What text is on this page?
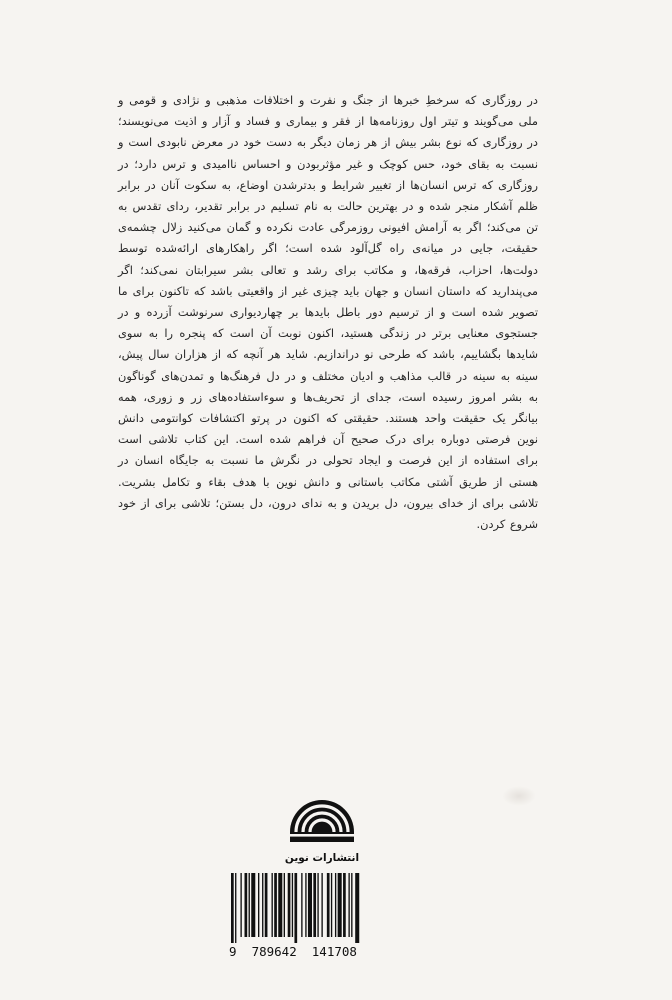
در روزگاری که سرخطِ خبرها از جنگ و نفرت و اختلافات مذهبی و نژادی و قومی و ملی می‌گویند و تیتر اول روزنامه‌ها از فقر و بیماری و فساد و آزار و اذیت می‌نویسند؛ در روزگاری که نوع بشر بیش از هر زمان دیگر به دست خود در معرض نابودی است و نسبت به بقای خود، حس کوچک و غیر مؤثربودن و احساس ناامیدی و ترس دارد؛ در روزگاری که ترس انسان‌ها از تغییر شرایط و بدترشدن اوضاع، به سکوت آنان در برابر ظلم آشکار منجر شده و در بهترین حالت به نام تسلیم در برابر تقدیر، ردای تقدس به تن می‌کند؛ اگر به آرامش افیونی روزمرگی عادت نکرده و گمان می‌کنید زلال چشمه‌ی حقیقت، جایی در میانه‌ی راه گل‌آلود شده است؛ اگر راهکارهای ارائه‌شده توسط دولت‌ها، احزاب، فرقه‌ها، و مکاتب برای رشد و تعالی بشر سیرابتان نمی‌کند؛ اگر می‌پندارید که داستان انسان و جهان باید چیزی غیر از واقعیتی باشد که تاکنون برای ما تصویر شده است و از ترسیم دور باطل بایدها بر چهاردیواری سرنوشت آزرده و در جستجوی معنایی برتر در زندگی هستید، اکنون نوبت آن است که پنجره را به سوی شایدها بگشاییم، باشد که طرحی نو دراندازیم. شاید هر آنچه که از هزاران سال پیش، سینه به سینه در قالب مذاهب و ادیان مختلف و در دل فرهنگ‌ها و تمدن‌های گوناگون به بشر امروز رسیده است، جدای از تحریف‌ها و سوءاستفاده‌های زر و زوری، همه بیانگر یک حقیقت واحد هستند. حقیقتی که اکنون در پرتو اکتشافات کوانتومی دانش نوین فرصتی دوباره برای درک صحیح آن فراهم شده است. این کتاب تلاشی است برای استفاده از این فرصت و ایجاد تحولی در نگرش ما نسبت به جایگاه انسان در هستی از طریق آشتی مکاتب باستانی و دانش نوین با هدف بقاء و تکامل بشریت. تلاشی برای از خدای بیرون، دل بریدن و به ندای درون، دل بستن؛ تلاشی برای از خود شروع کردن.

انتشارات نوین
9  789642  141708
